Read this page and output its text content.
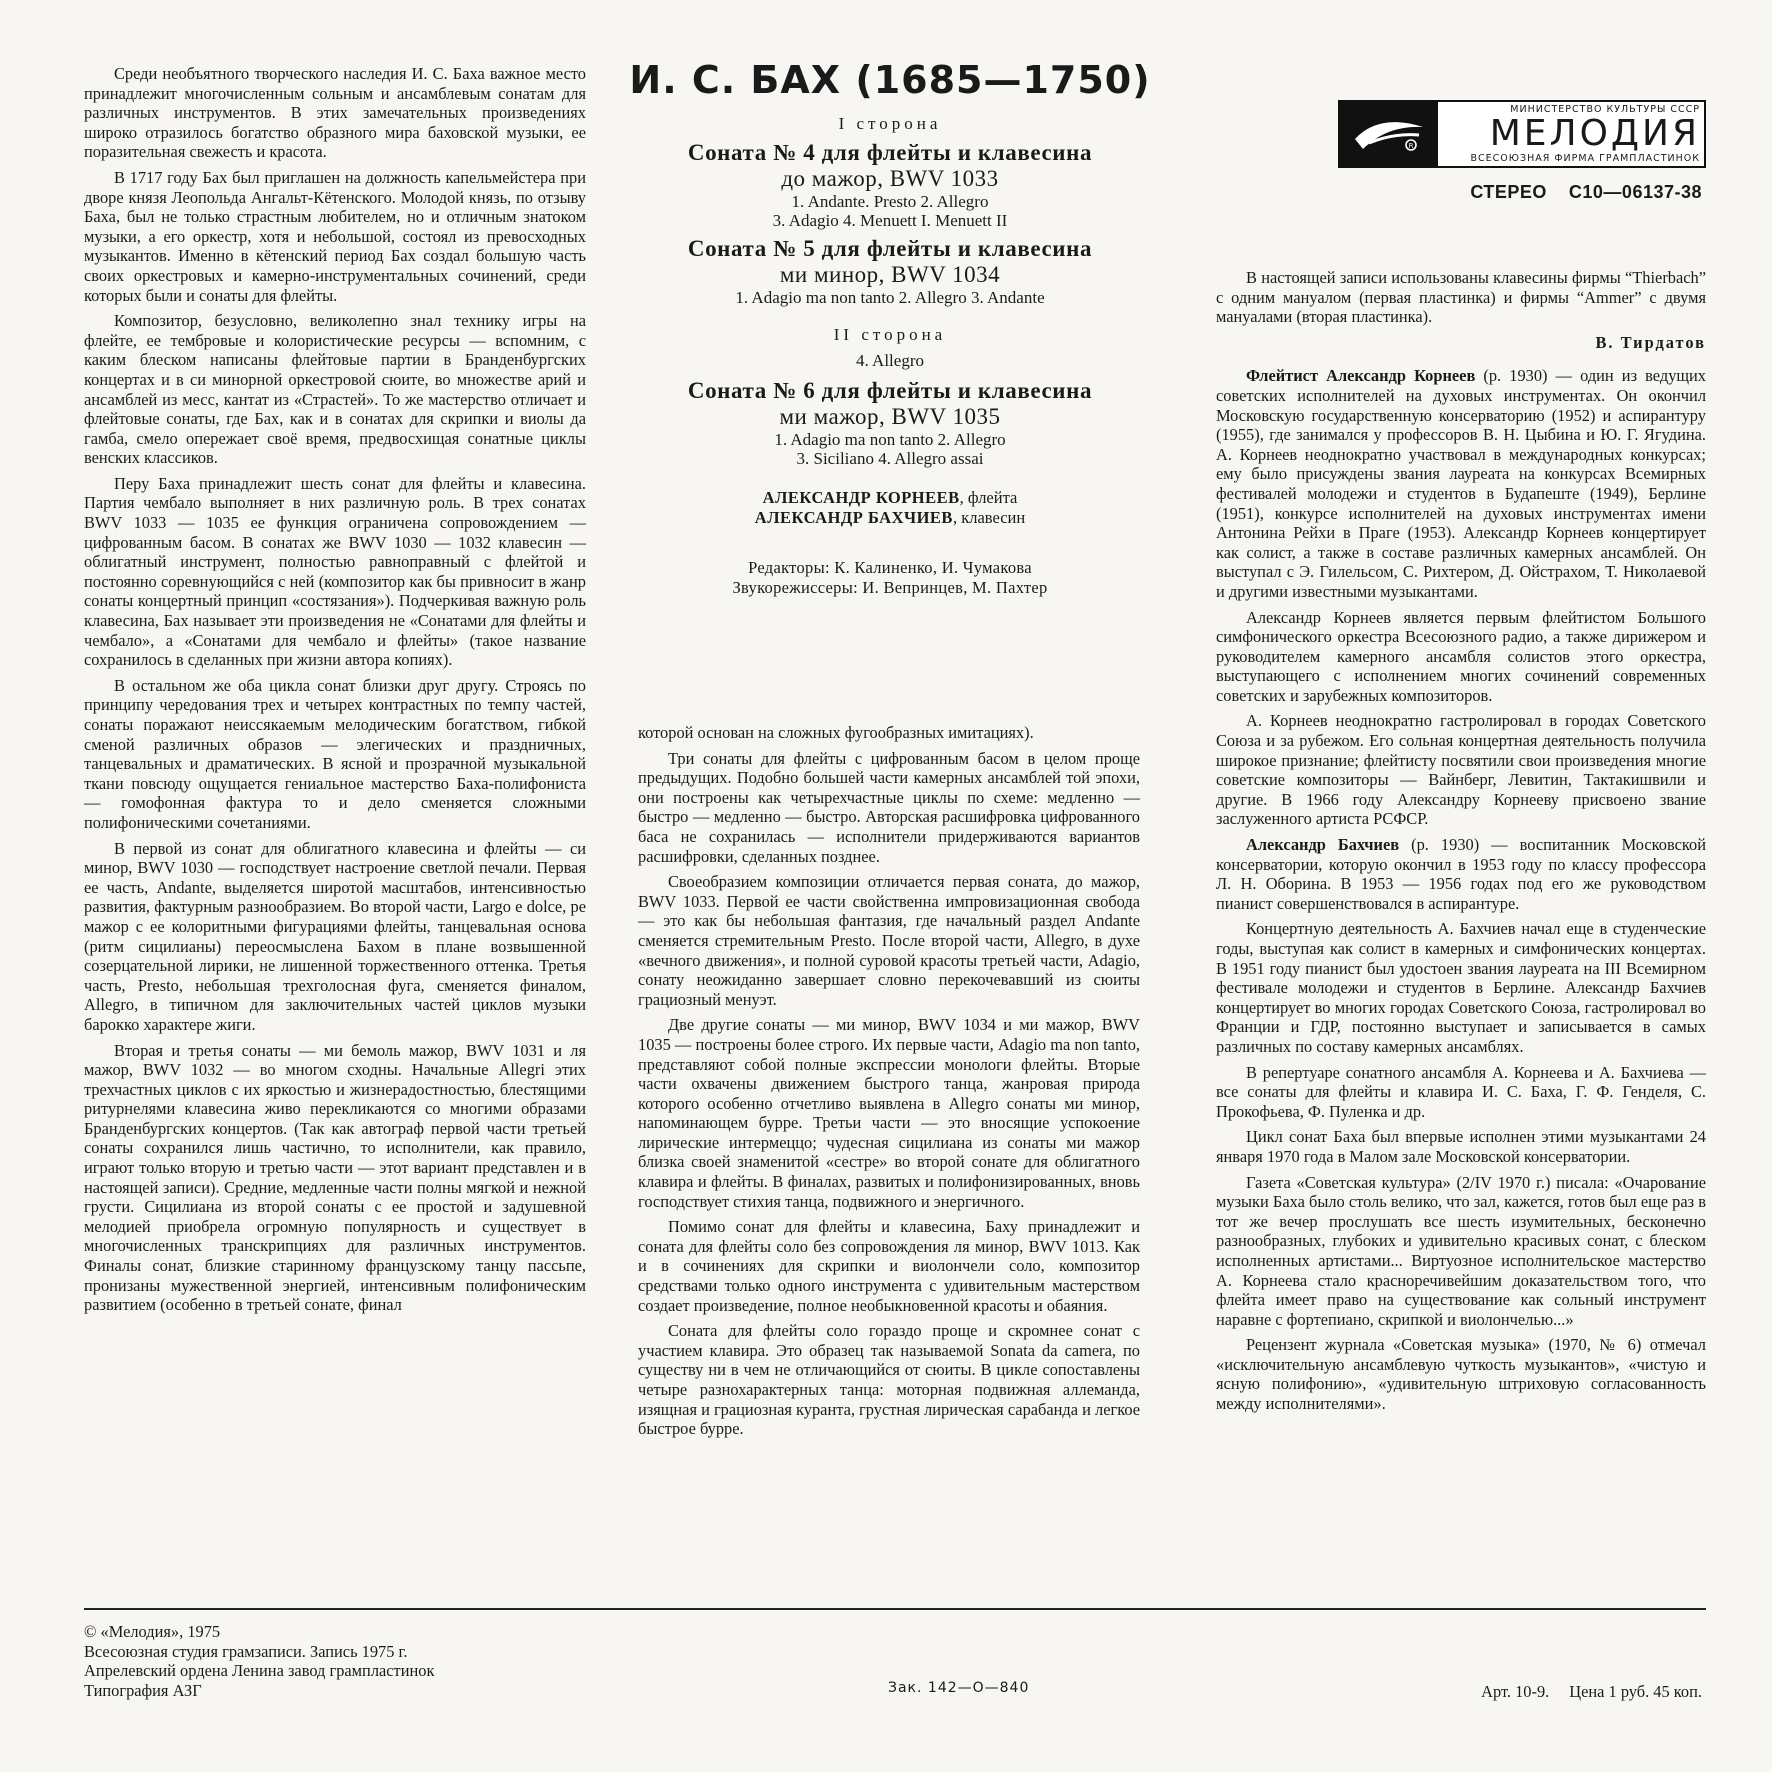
Среди необъятного творческого наследия И. С. Баха важное место принадлежит многочисленным сольным и ансамблевым сонатам для различных инструментов. В этих замечательных произведениях широко отразилось богатство образного мира баховской музыки, ее поразительная свежесть и красота.

В 1717 году Бах был приглашен на должность капельмейстера при дворе князя Леопольда Ангальт-Кётенского. Молодой князь, по отзыву Баха, был не только страстным любителем, но и отличным знатоком музыки, а его оркестр, хотя и небольшой, состоял из превосходных музыкантов. Именно в кётенский период Бах создал большую часть своих оркестровых и камерно-инструментальных сочинений, среди которых были и сонаты для флейты.

Композитор, безусловно, великолепно знал технику игры на флейте, ее тембровые и колористические ресурсы — вспомним, с каким блеском написаны флейтовые партии в Бранденбургских концертах и в си минорной оркестровой сюите, во множестве арий и ансамблей из месс, кантат из «Страстей». То же мастерство отличает и флейтовые сонаты, где Бах, как и в сонатах для скрипки и виолы да гамба, смело опережает своё время, предвосхищая сонатные циклы венских классиков.

Перу Баха принадлежит шесть сонат для флейты и клавесина. Партия чембало выполняет в них различную роль. В трех сонатах BWV 1033 — 1035 ее функция ограничена сопровождением — цифрованным басом. В сонатах же BWV 1030 — 1032 клавесин — облигатный инструмент, полностью равноправный с флейтой и постоянно соревнующийся с ней (композитор как бы привносит в жанр сонаты концертный принцип «состязания»). Подчеркивая важную роль клавесина, Бах называет эти произведения не «Сонатами для флейты и чембало», а «Сонатами для чембало и флейты» (такое название сохранилось в сделанных при жизни автора копиях).

В остальном же оба цикла сонат близки друг другу. Строясь по принципу чередования трех и четырех контрастных по темпу частей, сонаты поражают неиссякаемым мелодическим богатством, гибкой сменой различных образов — элегических и праздничных, танцевальных и драматических. В ясной и прозрачной музыкальной ткани повсюду ощущается гениальное мастерство Баха-полифониста — гомофонная фактура то и дело сменяется сложными полифоническими сочетаниями.

В первой из сонат для облигатного клавесина и флейты — си минор, BWV 1030 — господствует настроение светлой печали. Первая ее часть, Andante, выделяется широтой масштабов, интенсивностью развития, фактурным разнообразием. Во второй части, Largo e dolce, ре мажор с ее колоритными фигурациями флейты, танцевальная основа (ритм сицилианы) переосмыслена Бахом в плане возвышенной созерцательной лирики, не лишенной торжественного оттенка. Третья часть, Presto, небольшая трехголосная фуга, сменяется финалом, Allegro, в типичном для заключительных частей циклов музыки барокко характере жиги.

Вторая и третья сонаты — ми бемоль мажор, BWV 1031 и ля мажор, BWV 1032 — во многом сходны. Начальные Allegri этих трехчастных циклов с их яркостью и жизнерадостностью, блестящими ритурнелями клавесина живо перекликаются со многими образами Бранденбургских концертов. (Так как автограф первой части третьей сонаты сохранился лишь частично, то исполнители, как правило, играют только вторую и третью части — этот вариант представлен и в настоящей записи). Средние, медленные части полны мягкой и нежной грусти. Сицилиана из второй сонаты с ее простой и задушевной мелодией приобрела огромную популярность и существует в многочисленных транскрипциях для различных инструментов. Финалы сонат, близкие старинному французскому танцу пассьпе, пронизаны мужественной энергией, интенсивным полифоническим развитием (особенно в третьей сонате, финал

И. С. БАХ (1685—1750)
I сторона
Соната № 4 для флейты и клавесина
до мажор, BWV 1033
1. Andante. Presto 2. Allegro
3. Adagio 4. Menuett I. Menuett II
Соната № 5 для флейты и клавесина
ми минор, BWV 1034
1. Adagio ma non tanto 2. Allegro 3. Andante
II сторона
4. Allegro
Соната № 6 для флейты и клавесина
ми мажор, BWV 1035
1. Adagio ma non tanto 2. Allegro
3. Siciliano 4. Allegro assai
АЛЕКСАНДР КОРНЕЕВ, флейта
АЛЕКСАНДР БАХЧИЕВ, клавесин
Редакторы: К. Калиненко, И. Чумакова
Звукорежиссеры: И. Вепринцев, М. Пахтер
R
МИНИСТЕРСТВО КУЛЬТУРЫ СССР
МЕЛОДИЯ
ВСЕСОЮЗНАЯ ФИРМА ГРАМПЛАСТИНОК
СТЕРЕО С10—06137-38

которой основан на сложных фугообразных имитациях).

Три сонаты для флейты с цифрованным басом в целом проще предыдущих. Подобно большей части камерных ансамблей той эпохи, они построены как четырехчастные циклы по схеме: медленно — быстро — медленно — быстро. Авторская расшифровка цифрованного баса не сохранилась — исполнители придерживаются вариантов расшифровки, сделанных позднее.

Своеобразием композиции отличается первая соната, до мажор, BWV 1033. Первой ее части свойственна импровизационная свобода — это как бы небольшая фантазия, где начальный раздел Andante сменяется стремительным Presto. После второй части, Allegro, в духе «вечного движения», и полной суровой красоты третьей части, Adagio, сонату неожиданно завершает словно перекочевавший из сюиты грациозный менуэт.

Две другие сонаты — ми минор, BWV 1034 и ми мажор, BWV 1035 — построены более строго. Их первые части, Adagio ma non tanto, представляют собой полные экспрессии монологи флейты. Вторые части охвачены движением быстрого танца, жанровая природа которого особенно отчетливо выявлена в Allegro сонаты ми минор, напоминающем бурре. Третьи части — это вносящие успокоение лирические интермеццо; чудесная сицилиана из сонаты ми мажор близка своей знаменитой «сестре» во второй сонате для облигатного клавира и флейты. В финалах, развитых и полифонизированных, вновь господствует стихия танца, подвижного и энергичного.

Помимо сонат для флейты и клавесина, Баху принадлежит и соната для флейты соло без сопровождения ля минор, BWV 1013. Как и в сочинениях для скрипки и виолончели соло, композитор средствами только одного инструмента с удивительным мастерством создает произведение, полное необыкновенной красоты и обаяния.

Соната для флейты соло гораздо проще и скромнее сонат с участием клавира. Это образец так называемой Sonata da camera, по существу ни в чем не отличающийся от сюиты. В цикле сопоставлены четыре разнохарактерных танца: моторная подвижная аллеманда, изящная и грациозная куранта, грустная лирическая сарабанда и легкое быстрое бурре.

В настоящей записи использованы клавесины фирмы “Thierbach” с одним мануалом (первая пластинка) и фирмы “Ammer” с двумя мануалами (вторая пластинка).

В. Тирдатов

Флейтист Александр Корнеев (р. 1930) — один из ведущих советских исполнителей на духовых инструментах. Он окончил Московскую государственную консерваторию (1952) и аспирантуру (1955), где занимался у профессоров В. Н. Цыбина и Ю. Г. Ягудина. А. Корнеев неоднократно участвовал в международных конкурсах; ему было присуждены звания лауреата на конкурсах Всемирных фестивалей молодежи и студентов в Будапеште (1949), Берлине (1951), конкурсе исполнителей на духовых инструментах имени Антонина Рейхи в Праге (1953). Александр Корнеев концертирует как солист, а также в составе различных камерных ансамблей. Он выступал с Э. Гилельсом, С. Рихтером, Д. Ойстрахом, Т. Николаевой и другими известными музыкантами.

Александр Корнеев является первым флейтистом Большого симфонического оркестра Всесоюзного радио, а также дирижером и руководителем камерного ансамбля солистов этого оркестра, выступающего с исполнением многих сочинений современных советских и зарубежных композиторов.

А. Корнеев неоднократно гастролировал в городах Советского Союза и за рубежом. Его сольная концертная деятельность получила широкое признание; флейтисту посвятили свои произведения многие советские композиторы — Вайнберг, Левитин, Тактакишвили и другие. В 1966 году Александру Корнееву присвоено звание заслуженного артиста РСФСР.

Александр Бахчиев (р. 1930) — воспитанник Московской консерватории, которую окончил в 1953 году по классу профессора Л. Н. Оборина. В 1953 — 1956 годах под его же руководством пианист совершенствовался в аспирантуре.

Концертную деятельность А. Бахчиев начал еще в студенческие годы, выступая как солист в камерных и симфонических концертах. В 1951 году пианист был удостоен звания лауреата на III Всемирном фестивале молодежи и студентов в Берлине. Александр Бахчиев концертирует во многих городах Советского Союза, гастролировал во Франции и ГДР, постоянно выступает и записывается в самых различных по составу камерных ансамблях.

В репертуаре сонатного ансамбля А. Корнеева и А. Бахчиева — все сонаты для флейты и клавира И. С. Баха, Г. Ф. Генделя, С. Прокофьева, Ф. Пуленка и др.

Цикл сонат Баха был впервые исполнен этими музыкантами 24 января 1970 года в Малом зале Московской консерватории.

Газета «Советская культура» (2/IV 1970 г.) писала: «Очарование музыки Баха было столь велико, что зал, кажется, готов был еще раз в тот же вечер прослушать все шесть изумительных, бесконечно разнообразных, глубоких и удивительно красивых сонат, с блеском исполненных артистами... Виртуозное исполнительское мастерство А. Корнеева стало красноречивейшим доказательством того, что флейта имеет право на существование как сольный инструмент наравне с фортепиано, скрипкой и виолончелью...»

Рецензент журнала «Советская музыка» (1970, № 6) отмечал «исключительную ансамблевую чуткость музыкантов», «чистую и ясную полифонию», «удивительную штриховую согласованность между исполнителями».

© «Мелодия», 1975
Всесоюзная студия грамзаписи. Запись 1975 г.
Апрелевский ордена Ленина завод грампластинок
Типография АЗГ	Зак. 142—О—840	Арт. 10-9. Цена 1 руб. 45 коп.
